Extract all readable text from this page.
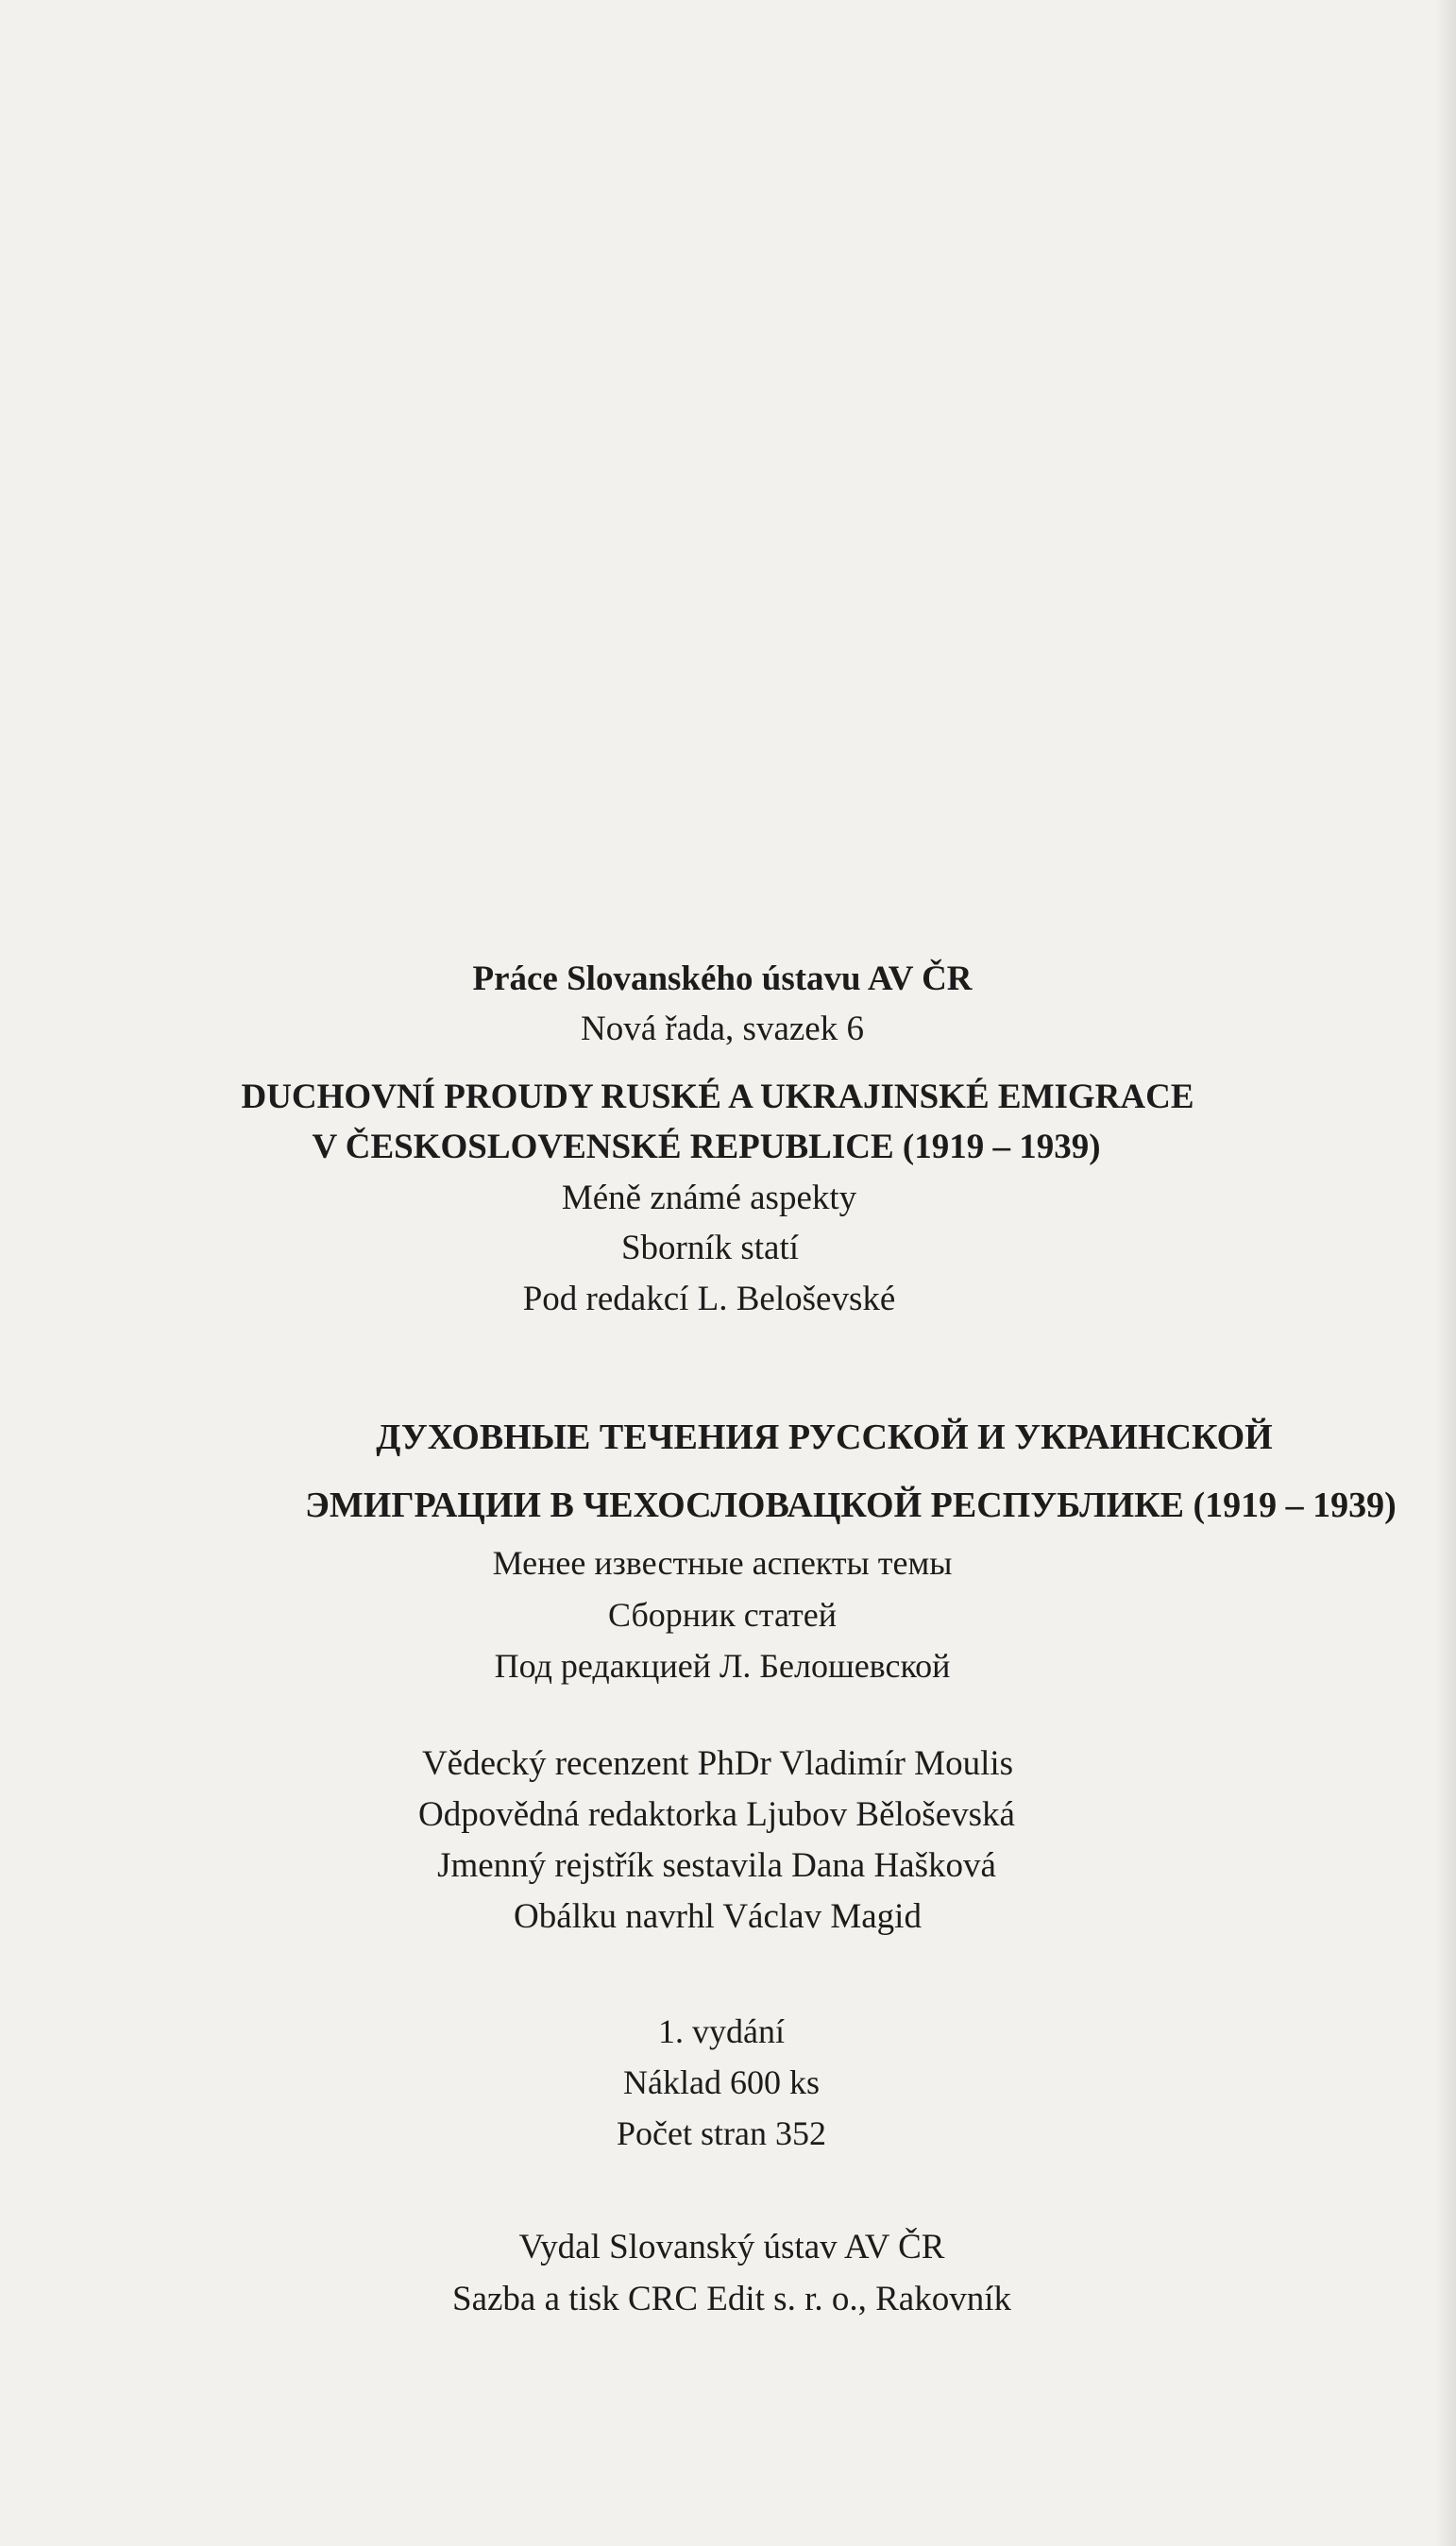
Práce Slovanského ústavu AV ČR
Nová řada, svazek 6
DUCHOVNÍ PROUDY RUSKÉ A UKRAJINSKÉ EMIGRACE
V ČESKOSLOVENSKÉ REPUBLICE (1919 – 1939)
Méně známé aspekty
Sborník statí
Pod redakcí L. Beloševské
ДУХОВНЫЕ ТЕЧЕНИЯ РУССКОЙ И УКРАИНСКОЙ
ЭМИГРАЦИИ В ЧЕХОСЛОВАЦКОЙ РЕСПУБЛИКЕ (1919 – 1939)
Менее известные аспекты темы
Сборник статей
Под редакцией Л. Белошевской
Vědecký recenzent PhDr Vladimír Moulis
Odpovědná redaktorka Ljubov Běloševská
Jmenný rejstřík sestavila Dana Hašková
Obálku navrhl Václav Magid
1. vydání
Náklad 600 ks
Počet stran 352
Vydal Slovanský ústav AV ČR
Sazba a tisk CRC Edit s. r. o., Rakovník
